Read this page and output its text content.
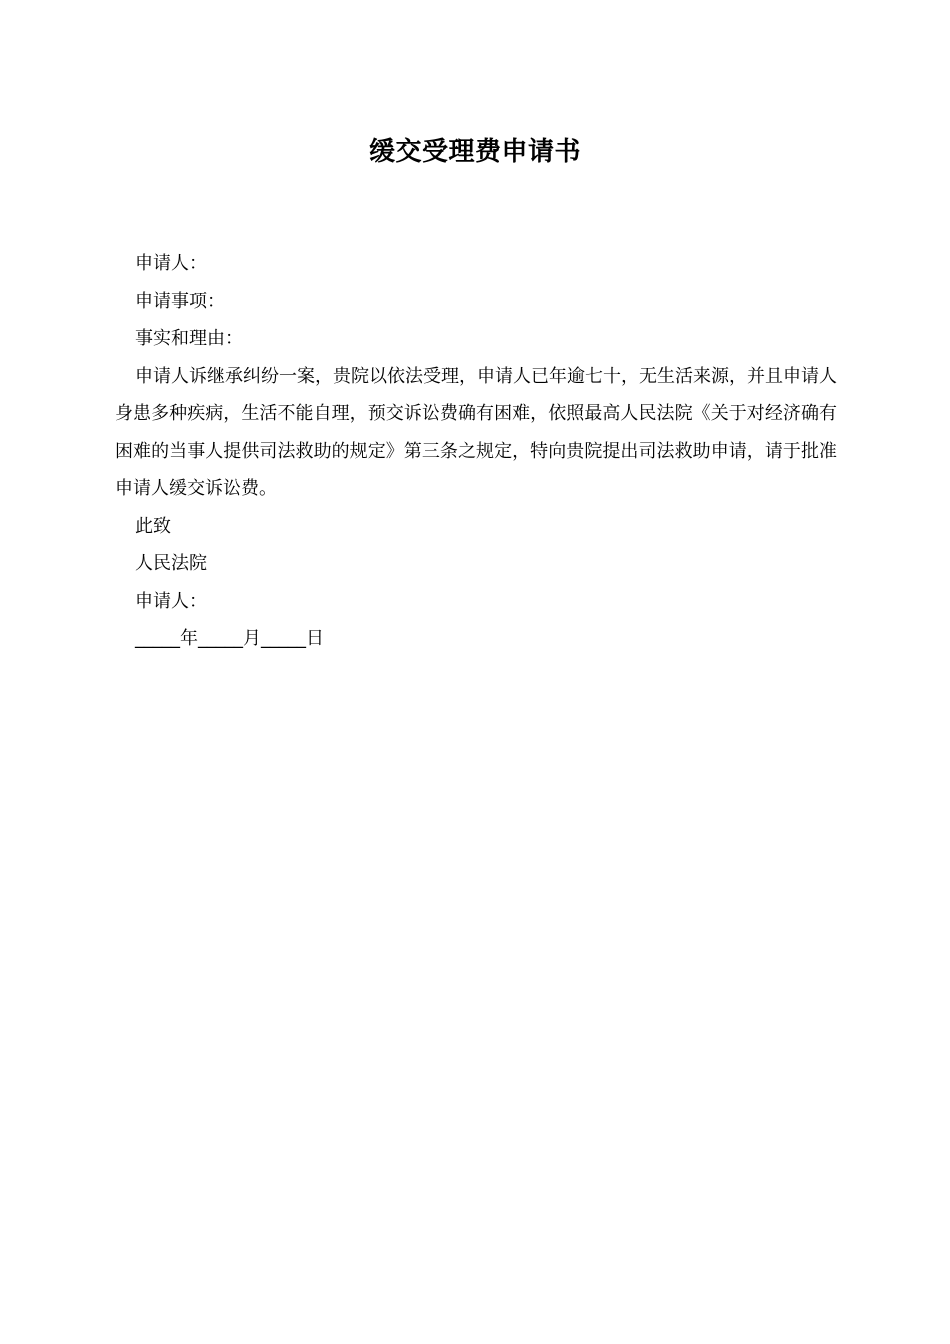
缓交受理费申请书

申请人：

申请事项：

事实和理由：

申请人诉继承纠纷一案，贵院以依法受理，申请人已年逾七十，无生活来源，并且申请人身患多种疾病，生活不能自理，预交诉讼费确有困难，依照最高人民法院《关于对经济确有困难的当事人提供司法救助的规定》第三条之规定，特向贵院提出司法救助申请，请于批准申请人缓交诉讼费。

此致

人民法院

申请人：

_____年_____月_____日
